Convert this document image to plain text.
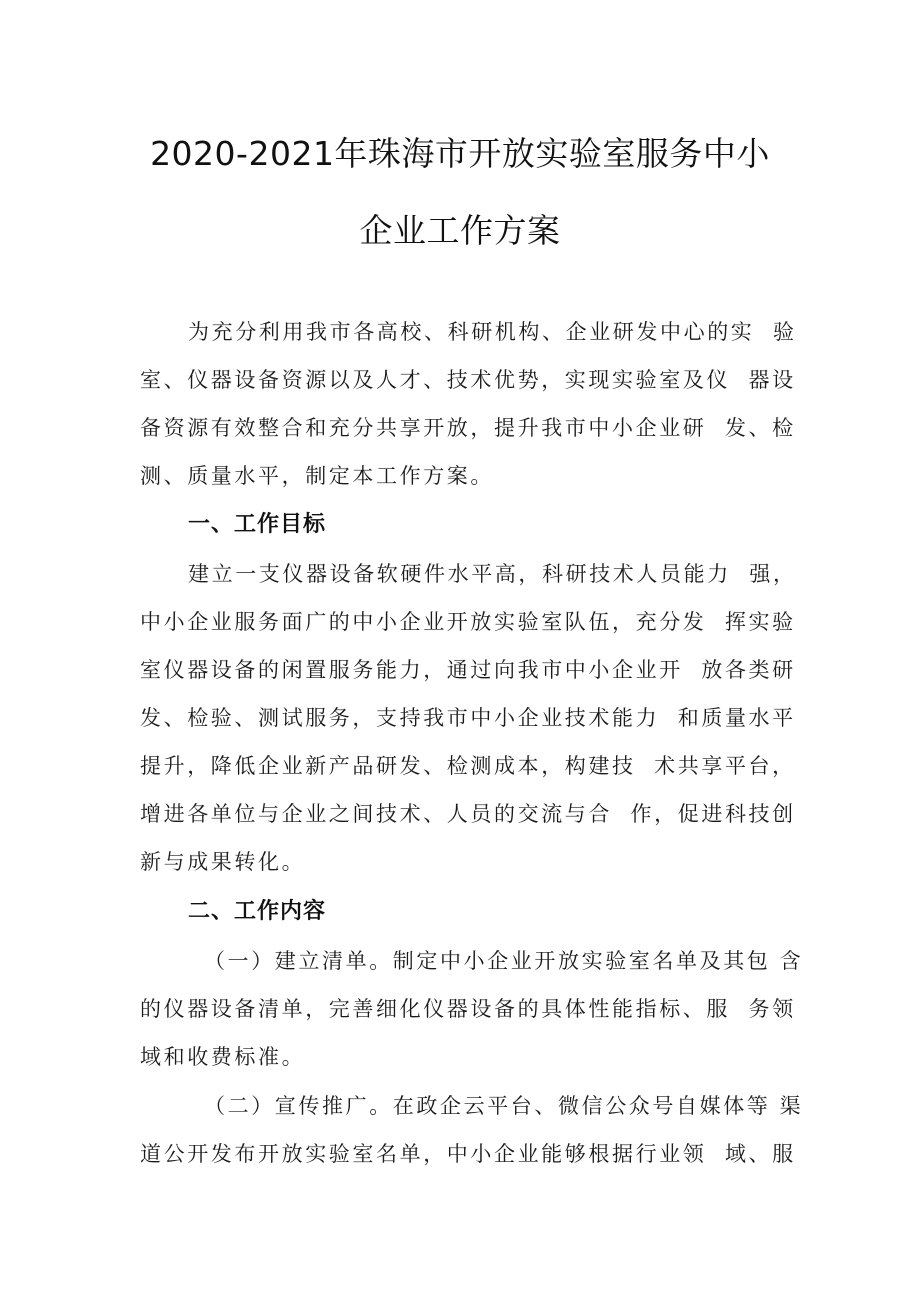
2020-2021年珠海市开放实验室服务中小
企业工作方案
为充分利用我市各高校、科研机构、企业研发中心的实  验
室、仪器设备资源以及人才、技术优势，实现实验室及仪  器设
备资源有效整合和充分共享开放，提升我市中小企业研  发、检
测、质量水平，制定本工作方案。
一、工作目标
建立一支仪器设备软硬件水平高，科研技术人员能力  强，
中小企业服务面广的中小企业开放实验室队伍，充分发  挥实验
室仪器设备的闲置服务能力，通过向我市中小企业开  放各类研
发、检验、测试服务，支持我市中小企业技术能力  和质量水平
提升，降低企业新产品研发、检测成本，构建技  术共享平台，
增进各单位与企业之间技术、人员的交流与合  作，促进科技创
新与成果转化。
二、工作内容
（一）建立清单。制定中小企业开放实验室名单及其包 含
的仪器设备清单，完善细化仪器设备的具体性能指标、服  务领
域和收费标准。
（二）宣传推广。在政企云平台、微信公众号自媒体等 渠
道公开发布开放实验室名单，中小企业能够根据行业领  域、服
